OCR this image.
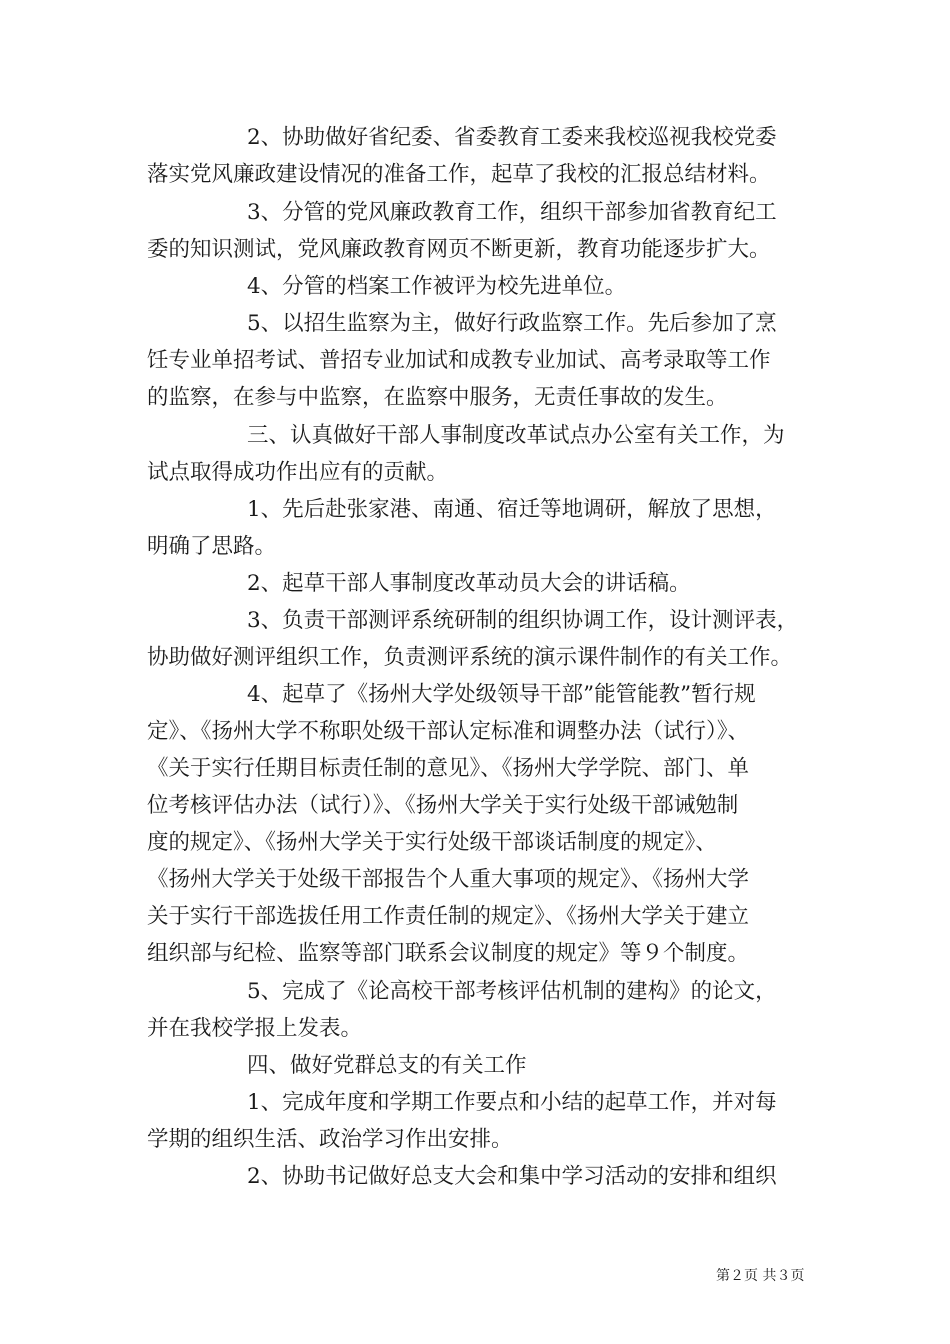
2、协助做好省纪委、省委教育工委来我校巡视我校党委
落实党风廉政建设情况的准备工作，起草了我校的汇报总结材料。
3、分管的党风廉政教育工作，组织干部参加省教育纪工
委的知识测试，党风廉政教育网页不断更新，教育功能逐步扩大。
4、分管的档案工作被评为校先进单位。
5、以招生监察为主，做好行政监察工作。先后参加了烹
饪专业单招考试、普招专业加试和成教专业加试、高考录取等工作
的监察，在参与中监察，在监察中服务，无责任事故的发生。
三、认真做好干部人事制度改革试点办公室有关工作，为
试点取得成功作出应有的贡献。
1、先后赴张家港、南通、宿迁等地调研，解放了思想，
明确了思路。
2、起草干部人事制度改革动员大会的讲话稿。
3、负责干部测评系统研制的组织协调工作，设计测评表，
协助做好测评组织工作，负责测评系统的演示课件制作的有关工作。
4、起草了《扬州大学处级领导干部”能管能教”暂行规
定》、《扬州大学不称职处级干部认定标准和调整办法（试行）》、
《关于实行任期目标责任制的意见》、《扬州大学学院、部门、单
位考核评估办法（试行）》、《扬州大学关于实行处级干部诫勉制
度的规定》、《扬州大学关于实行处级干部谈话制度的规定》、
《扬州大学关于处级干部报告个人重大事项的规定》、《扬州大学
关于实行干部选拔任用工作责任制的规定》、《扬州大学关于建立
组织部与纪检、监察等部门联系会议制度的规定》等９个制度。
5、完成了《论高校干部考核评估机制的建构》的论文，
并在我校学报上发表。
四、做好党群总支的有关工作
1、完成年度和学期工作要点和小结的起草工作，并对每
学期的组织生活、政治学习作出安排。
2、协助书记做好总支大会和集中学习活动的安排和组织
第２页 共３页
